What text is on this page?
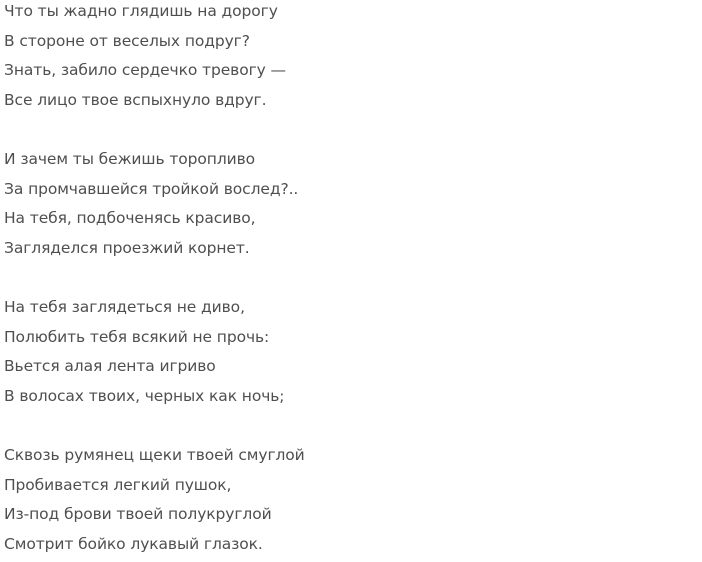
Что ты жадно глядишь на дорогу
В стороне от веселых подруг?
Знать, забило сердечко тревогу —
Все лицо твое вспыхнуло вдруг.
И зачем ты бежишь торопливо
За промчавшейся тройкой вослед?..
На тебя, подбоченясь красиво,
Загляделся проезжий корнет.
На тебя заглядеться не диво,
Полюбить тебя всякий не прочь:
Вьется алая лента игриво
В волосах твоих, черных как ночь;
Сквозь румянец щеки твоей смуглой
Пробивается легкий пушок,
Из-под брови твоей полукруглой
Смотрит бойко лукавый глазок.
